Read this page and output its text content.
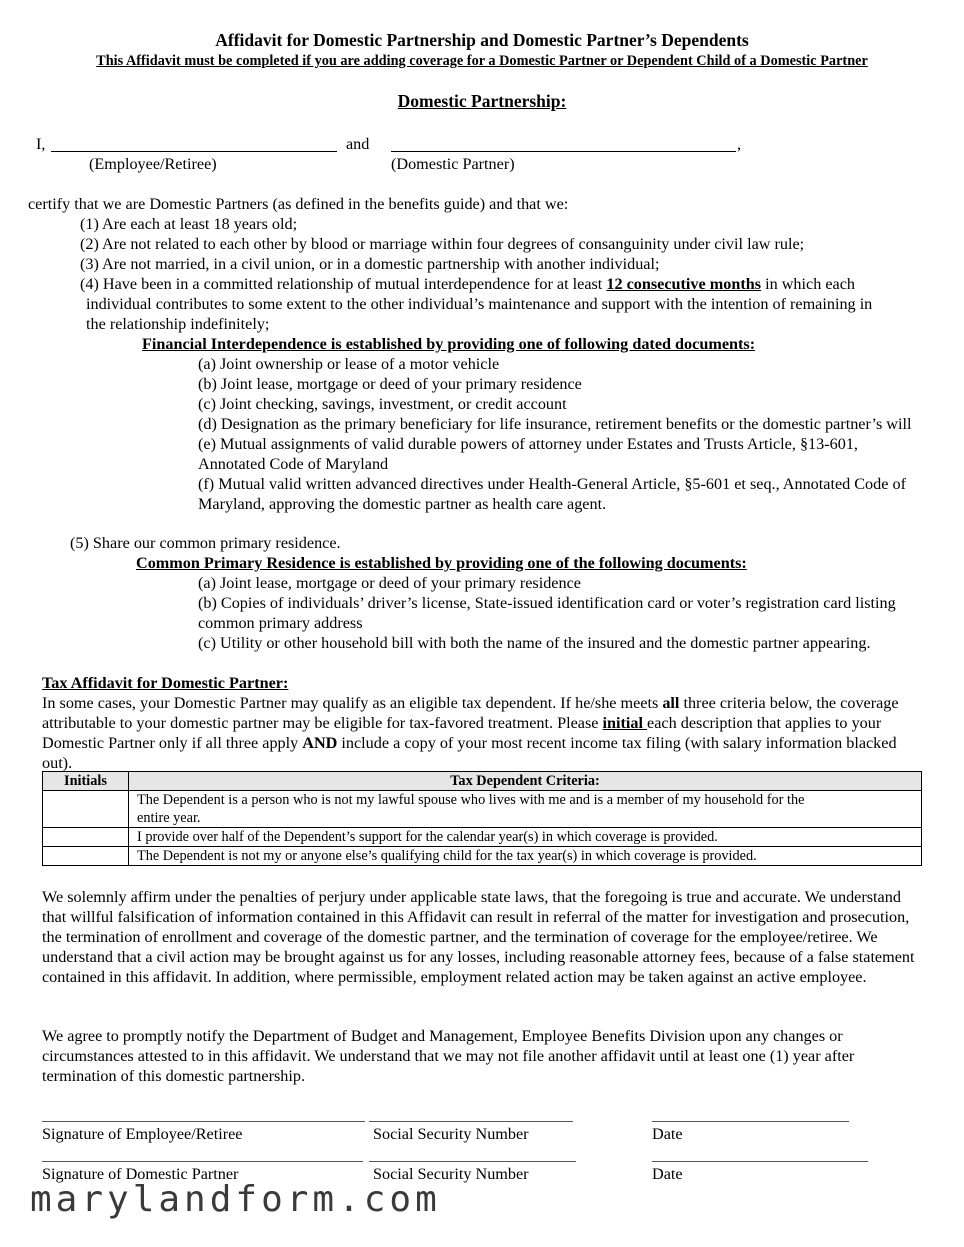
Affidavit for Domestic Partnership and Domestic Partner’s Dependents
This Affidavit must be completed if you are adding coverage for a Domestic Partner or Dependent Child of a Domestic Partner
Domestic Partnership:
I,	and	,
(Employee/Retiree)	(Domestic Partner)
certify that we are Domestic Partners (as defined in the benefits guide) and that we:
(1) Are each at least 18 years old;
(2) Are not related to each other by blood or marriage within four degrees of consanguinity under civil law rule;
(3) Are not married, in a civil union, or in a domestic partnership with another individual;
(4) Have been in a committed relationship of mutual interdependence for at least 12 consecutive months in which each
individual contributes to some extent to the other individual’s maintenance and support with the intention of remaining in
the relationship indefinitely;
Financial Interdependence is established by providing one of following dated documents:
(a) Joint ownership or lease of a motor vehicle
(b) Joint lease, mortgage or deed of your primary residence
(c) Joint checking, savings, investment, or credit account
(d) Designation as the primary beneficiary for life insurance, retirement benefits or the domestic partner’s will
(e) Mutual assignments of valid durable powers of attorney under Estates and Trusts Article, §13-601, Annotated Code of Maryland
(f) Mutual valid written advanced directives under Health-General Article, §5-601 et seq., Annotated Code of Maryland, approving the domestic partner as health care agent.
(5) Share our common primary residence.
Common Primary Residence is established by providing one of the following documents:
(a) Joint lease, mortgage or deed of your primary residence
(b) Copies of individuals’ driver’s license, State-issued identification card or voter’s registration card listing common primary address
(c) Utility or other household bill with both the name of the insured and the domestic partner appearing.
Tax Affidavit for Domestic Partner:
In some cases, your Domestic Partner may qualify as an eligible tax dependent. If he/she meets all three criteria below, the coverage attributable to your domestic partner may be eligible for tax-favored treatment. Please initial each description that applies to your Domestic Partner only if all three apply AND include a copy of your most recent income tax filing (with salary information blacked out).
Initials	Tax Dependent Criteria:
	The Dependent is a person who is not my lawful spouse who lives with me and is a member of my household for the entire year.
	I provide over half of the Dependent’s support for the calendar year(s) in which coverage is provided.
	The Dependent is not my or anyone else’s qualifying child for the tax year(s) in which coverage is provided.
We solemnly affirm under the penalties of perjury under applicable state laws, that the foregoing is true and accurate. We understand that willful falsification of information contained in this Affidavit can result in referral of the matter for investigation and prosecution, the termination of enrollment and coverage of the domestic partner, and the termination of coverage for the employee/retiree. We understand that a civil action may be brought against us for any losses, including reasonable attorney fees, because of a false statement contained in this affidavit. In addition, where permissible, employment related action may be taken against an active employee.
We agree to promptly notify the Department of Budget and Management, Employee Benefits Division upon any changes or circumstances attested to in this affidavit. We understand that we may not file another affidavit until at least one (1) year after termination of this domestic partnership.
Signature of Employee/Retiree	Social Security Number	Date
Signature of Domestic Partner	Social Security Number	Date
marylandform.com
